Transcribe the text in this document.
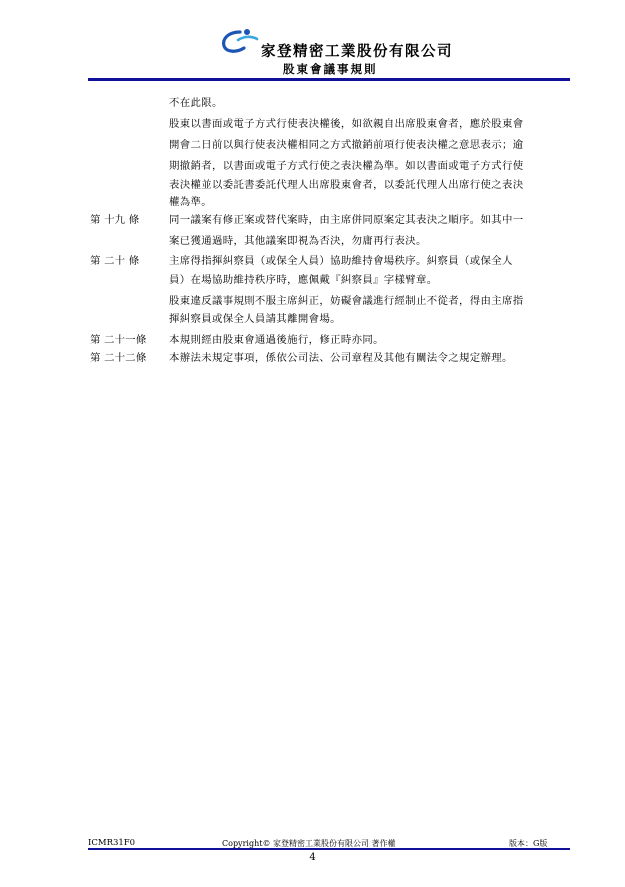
家登精密工業股份有限公司
股東會議事規則
不在此限。
股東以書面或電子方式行使表決權後，如欲親自出席股東會者，應於股東會
開會二日前以與行使表決權相同之方式撤銷前項行使表決權之意思表示；逾
期撤銷者，以書面或電子方式行使之表決權為準。如以書面或電子方式行使
表決權並以委託書委託代理人出席股東會者，以委託代理人出席行使之表決
權為準。
第 十九 條	同一議案有修正案或替代案時，由主席併同原案定其表決之順序。如其中一
案已獲通過時，其他議案即視為否決，勿庸再行表決。
第 二十 條	主席得指揮糾察員（或保全人員）協助維持會場秩序。糾察員（或保全人
員）在場協助維持秩序時，應佩戴『糾察員』字樣臂章。
股東違反議事規則不服主席糾正，妨礙會議進行經制止不從者，得由主席指
揮糾察員或保全人員請其離開會場。
第 二十一條 本規則經由股東會通過後施行，修正時亦同。
第 二十二條 本辦法未規定事項，係依公司法、公司章程及其他有關法令之規定辦理。
ICMR31F0	Copyright© 家登精密工業股份有限公司 著作權	版本：G版
4
